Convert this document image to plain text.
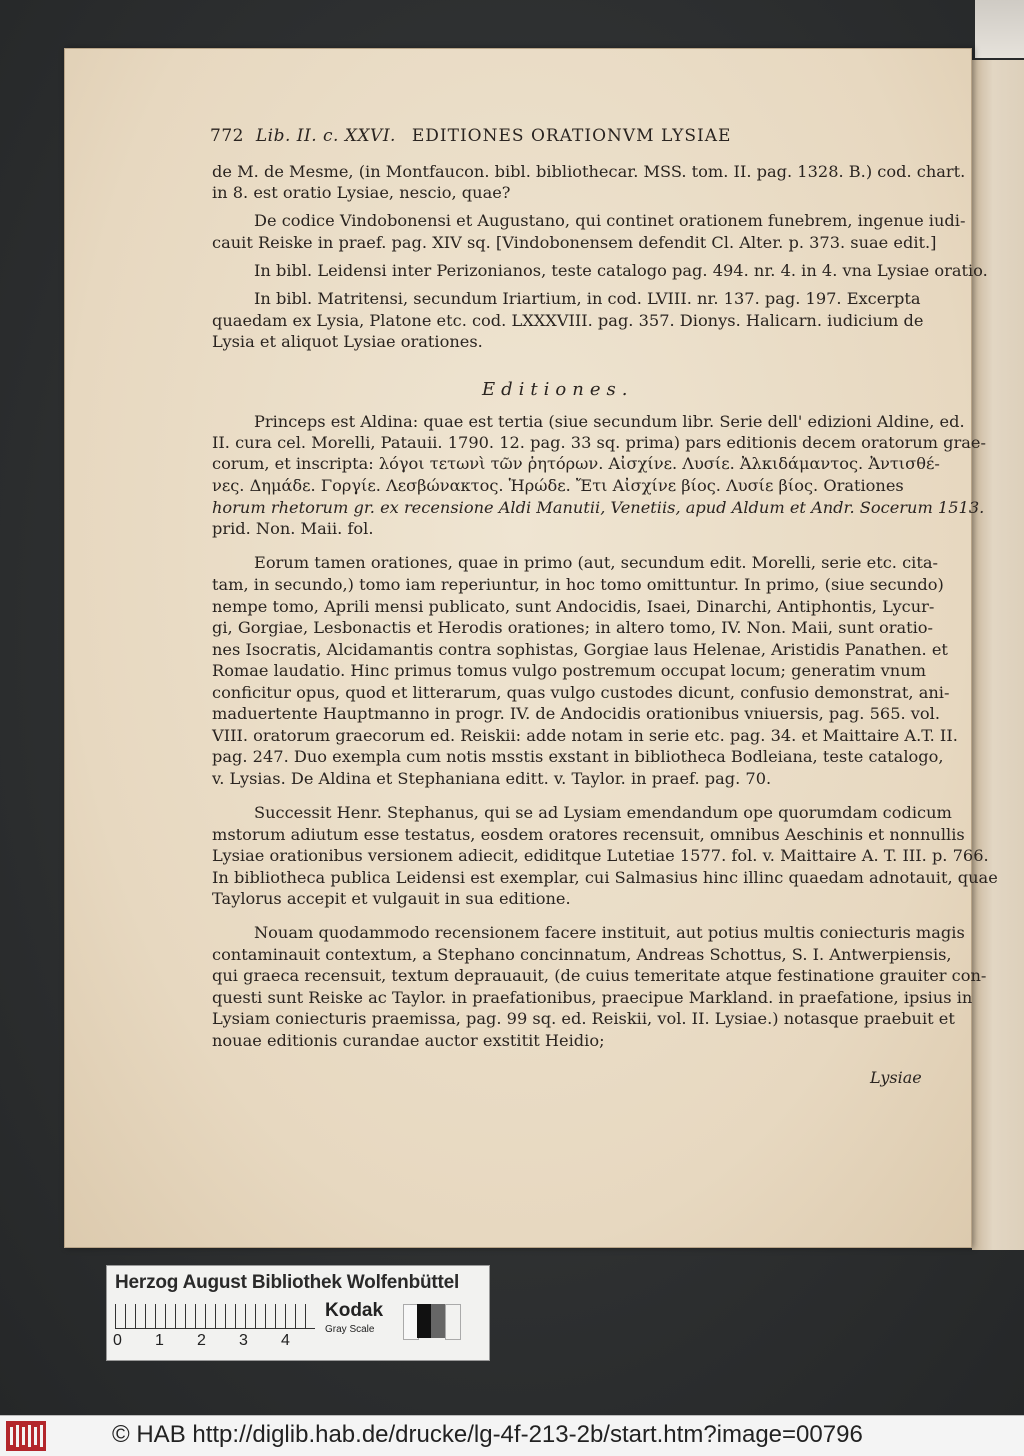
772 Lib. II. c. XXVI. EDITIONES ORATIONVM LYSIAE
de M. de Mesme, (in Montfaucon. bibl. bibliothecar. MSS. tom. II. pag. 1328. B.) cod. chart.
in 8. est oratio Lysiae, nescio, quae?
De codice Vindobonensi et Augustano, qui continet orationem funebrem, ingenue iudi-
cauit Reiske in praef. pag. XIV sq. [Vindobonensem defendit Cl. Alter. p. 373. suae edit.]
In bibl. Leidensi inter Perizonianos, teste catalogo pag. 494. nr. 4. in 4. vna Lysiae oratio.
In bibl. Matritensi, secundum Iriartium, in cod. LVIII. nr. 137. pag. 197. Excerpta
quaedam ex Lysia, Platone etc. cod. LXXXVIII. pag. 357. Dionys. Halicarn. iudicium de
Lysia et aliquot Lysiae orationes.
Editiones.
Princeps est Aldina: quae est tertia (siue secundum libr. Serie dell' edizioni Aldine, ed.
II. cura cel. Morelli, Patauii. 1790. 12. pag. 33 sq. prima) pars editionis decem oratorum grae-
corum, et inscripta: λόγοι τετωνὶ τῶν ῥητόρων. Αἰσχίνε. Λυσίε. Ἀλκιδάμαντος. Ἀντισθέ-
νες. Δημάδε. Γοργίε. Λεσβώνακτος. Ἡρώδε. Ἔτι Αἰσχίνε βίος. Λυσίε βίος. Orationes
horum rhetorum gr. ex recensione Aldi Manutii, Venetiis, apud Aldum et Andr. Socerum 1513.
prid. Non. Maii. fol.
Eorum tamen orationes, quae in primo (aut, secundum edit. Morelli, serie etc. cita-
tam, in secundo,) tomo iam reperiuntur, in hoc tomo omittuntur. In primo, (siue secundo)
nempe tomo, Aprili mensi publicato, sunt Andocidis, Isaei, Dinarchi, Antiphontis, Lycur-
gi, Gorgiae, Lesbonactis et Herodis orationes; in altero tomo, IV. Non. Maii, sunt oratio-
nes Isocratis, Alcidamantis contra sophistas, Gorgiae laus Helenae, Aristidis Panathen. et
Romae laudatio. Hinc primus tomus vulgo postremum occupat locum; generatim vnum
conficitur opus, quod et litterarum, quas vulgo custodes dicunt, confusio demonstrat, ani-
maduertente Hauptmanno in progr. IV. de Andocidis orationibus vniuersis, pag. 565. vol.
VIII. oratorum graecorum ed. Reiskii: adde notam in serie etc. pag. 34. et Maittaire A.T. II.
pag. 247. Duo exempla cum notis msstis exstant in bibliotheca Bodleiana, teste catalogo,
v. Lysias. De Aldina et Stephaniana editt. v. Taylor. in praef. pag. 70.
Successit Henr. Stephanus, qui se ad Lysiam emendandum ope quorumdam codicum
mstorum adiutum esse testatus, eosdem oratores recensuit, omnibus Aeschinis et nonnullis
Lysiae orationibus versionem adiecit, ediditque Lutetiae 1577. fol. v. Maittaire A. T. III. p. 766.
In bibliotheca publica Leidensi est exemplar, cui Salmasius hinc illinc quaedam adnotauit, quae
Taylorus accepit et vulgauit in sua editione.
Nouam quodammodo recensionem facere instituit, aut potius multis coniecturis magis
contaminauit contextum, a Stephano concinnatum, Andreas Schottus, S. I. Antwerpiensis,
qui graeca recensuit, textum deprauauit, (de cuius temeritate atque festinatione grauiter con-
questi sunt Reiske ac Taylor. in praefationibus, praecipue Markland. in praefatione, ipsius in
Lysiam coniecturis praemissa, pag. 99 sq. ed. Reiskii, vol. II. Lysiae.) notasque praebuit et
nouae editionis curandae auctor exstitit Heidio;
Lysiae
Herzog August Bibliothek Wolfenbüttel
0	1	2	3	4
Kodak
Gray Scale
© HAB http://diglib.hab.de/drucke/lg-4f-213-2b/start.htm?image=00796
